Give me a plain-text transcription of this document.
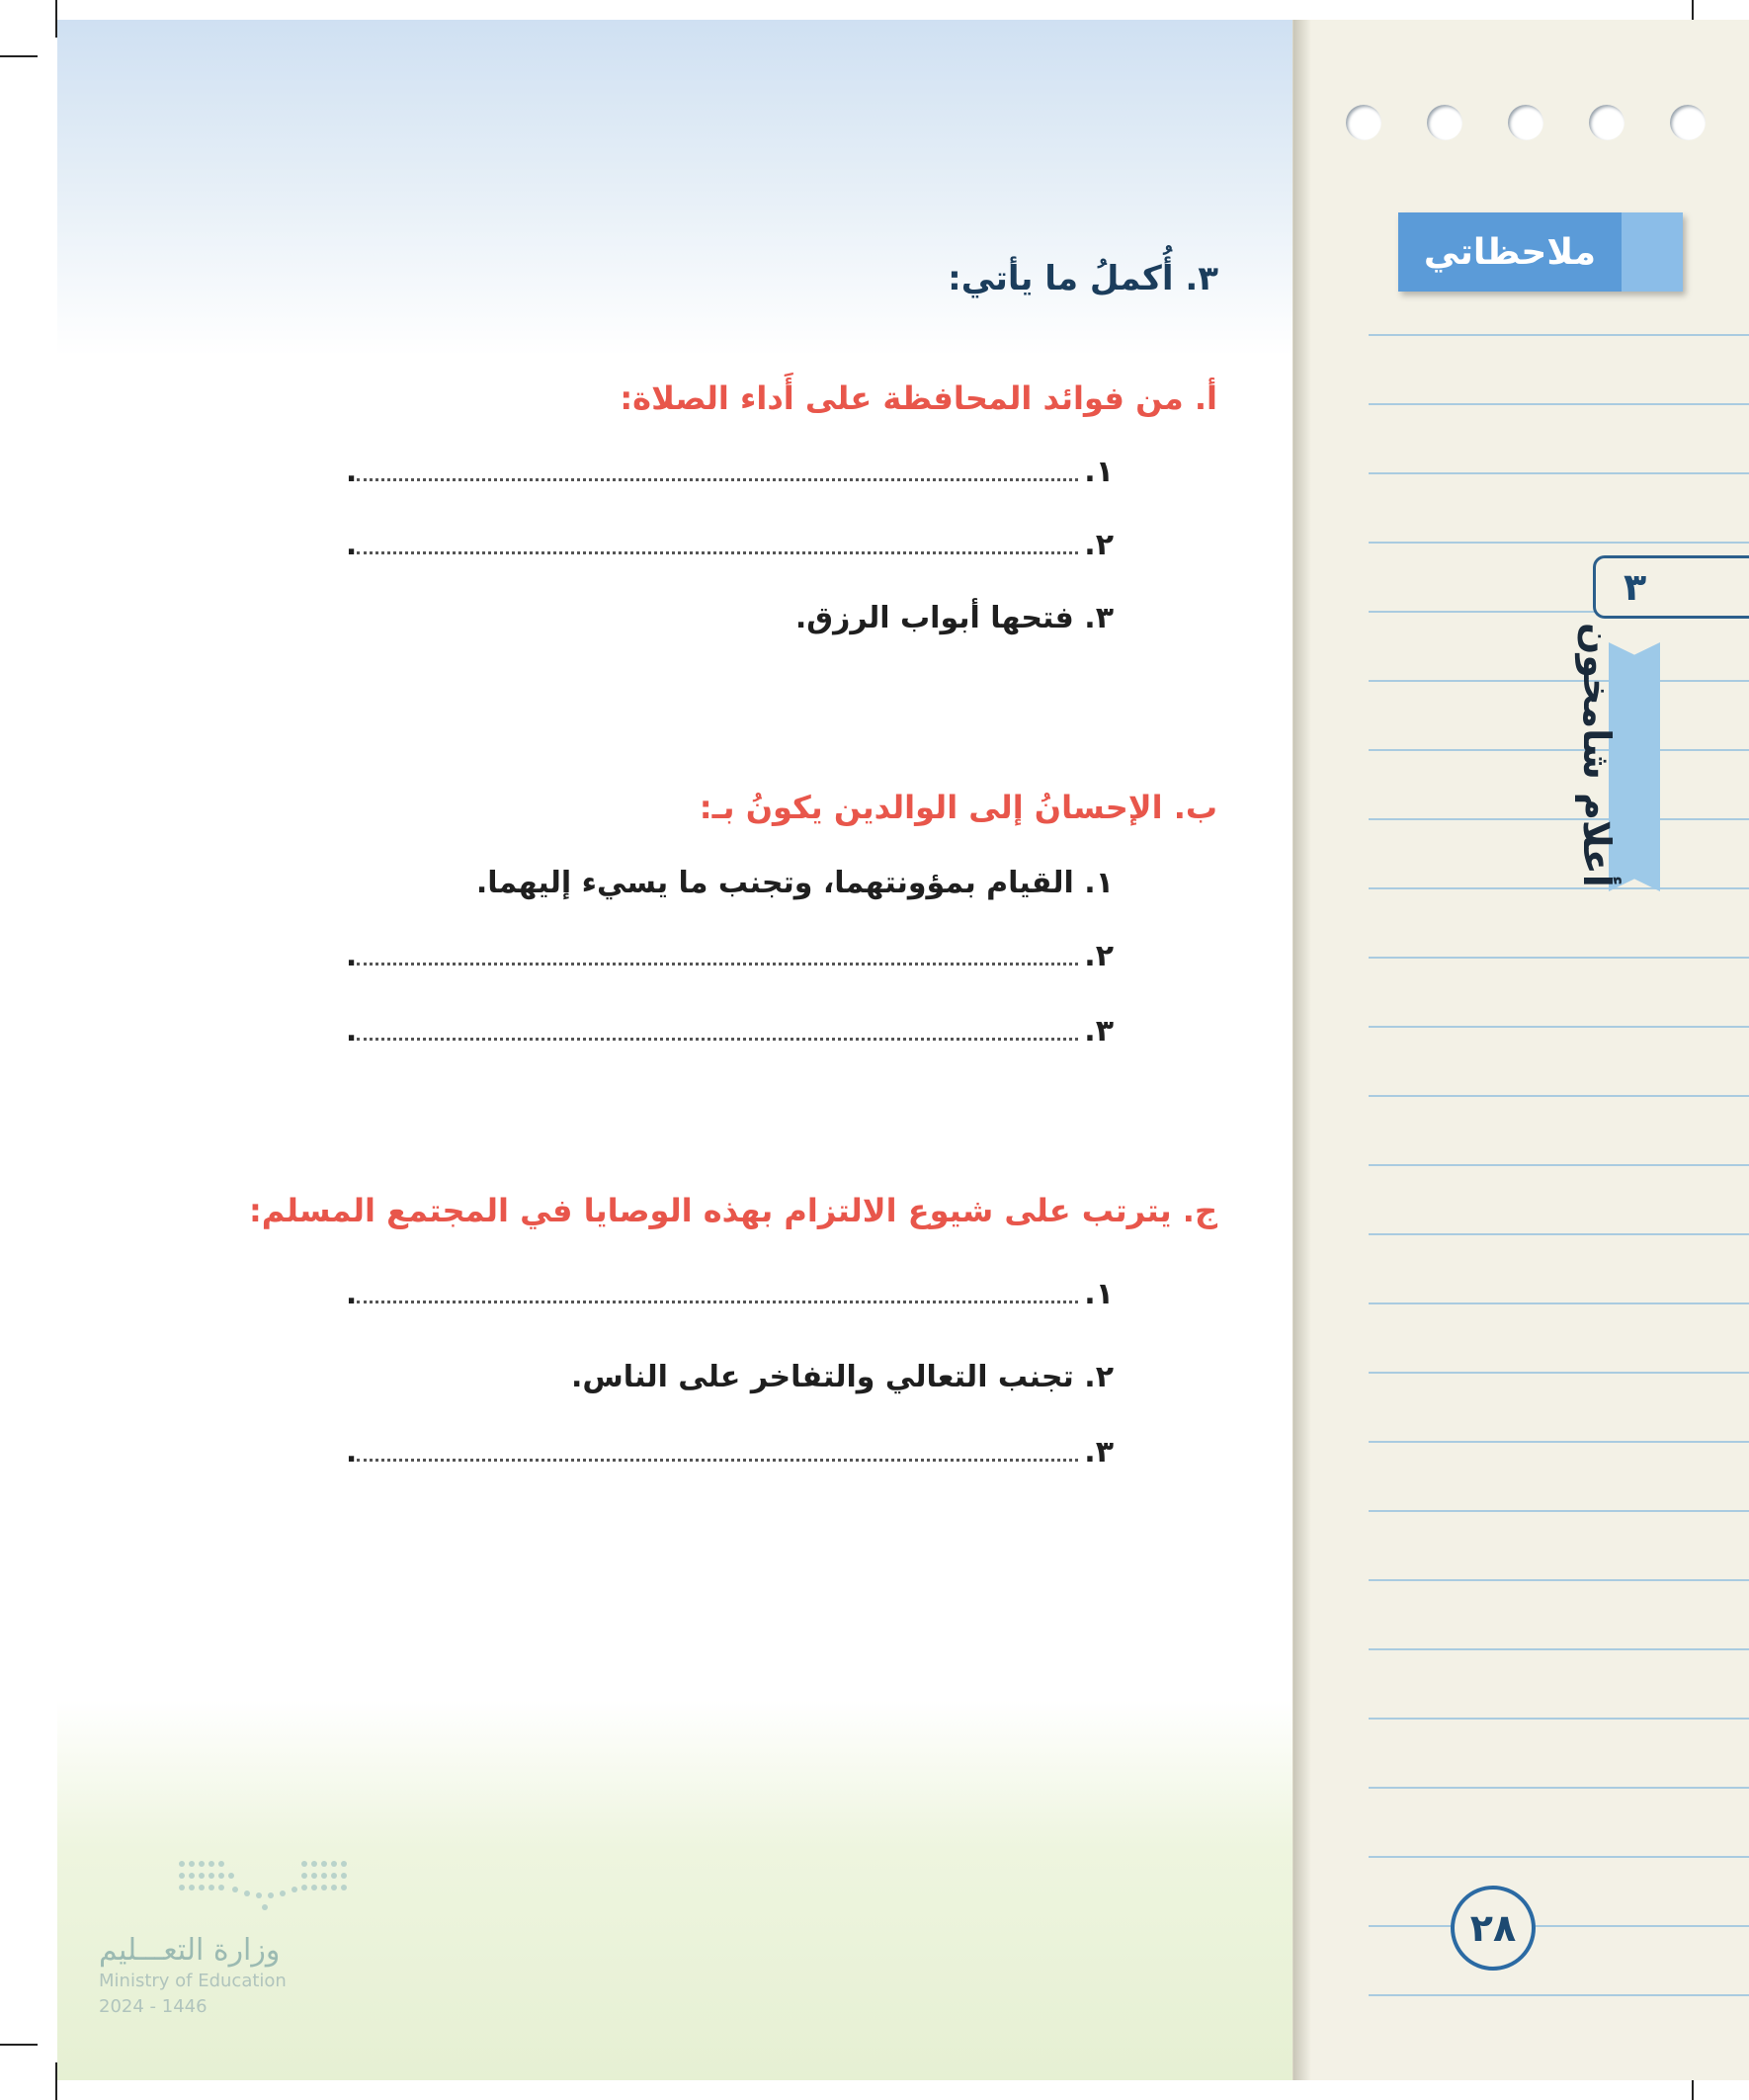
ملاحظاتي
٣
أعلام شامخون
٢٨
٣. أُكملُ ما يأتي:
أ. من فوائد المحافظة على أَداء الصلاة:
١..
٢..
٣. فتحها أبواب الرزق.
ب. الإحسانُ إلى الوالدين يكونُ بـ:
١. القيام بمؤونتهما، وتجنب ما يسيء إليهما.
٢..
٣..
ج. يترتب على شيوع الالتزام بهذه الوصايا في المجتمع المسلم:
١..
٢. تجنب التعالي والتفاخر على الناس.
٣..
وزارة التعـــليم
Ministry of Education
2024 - 1446
